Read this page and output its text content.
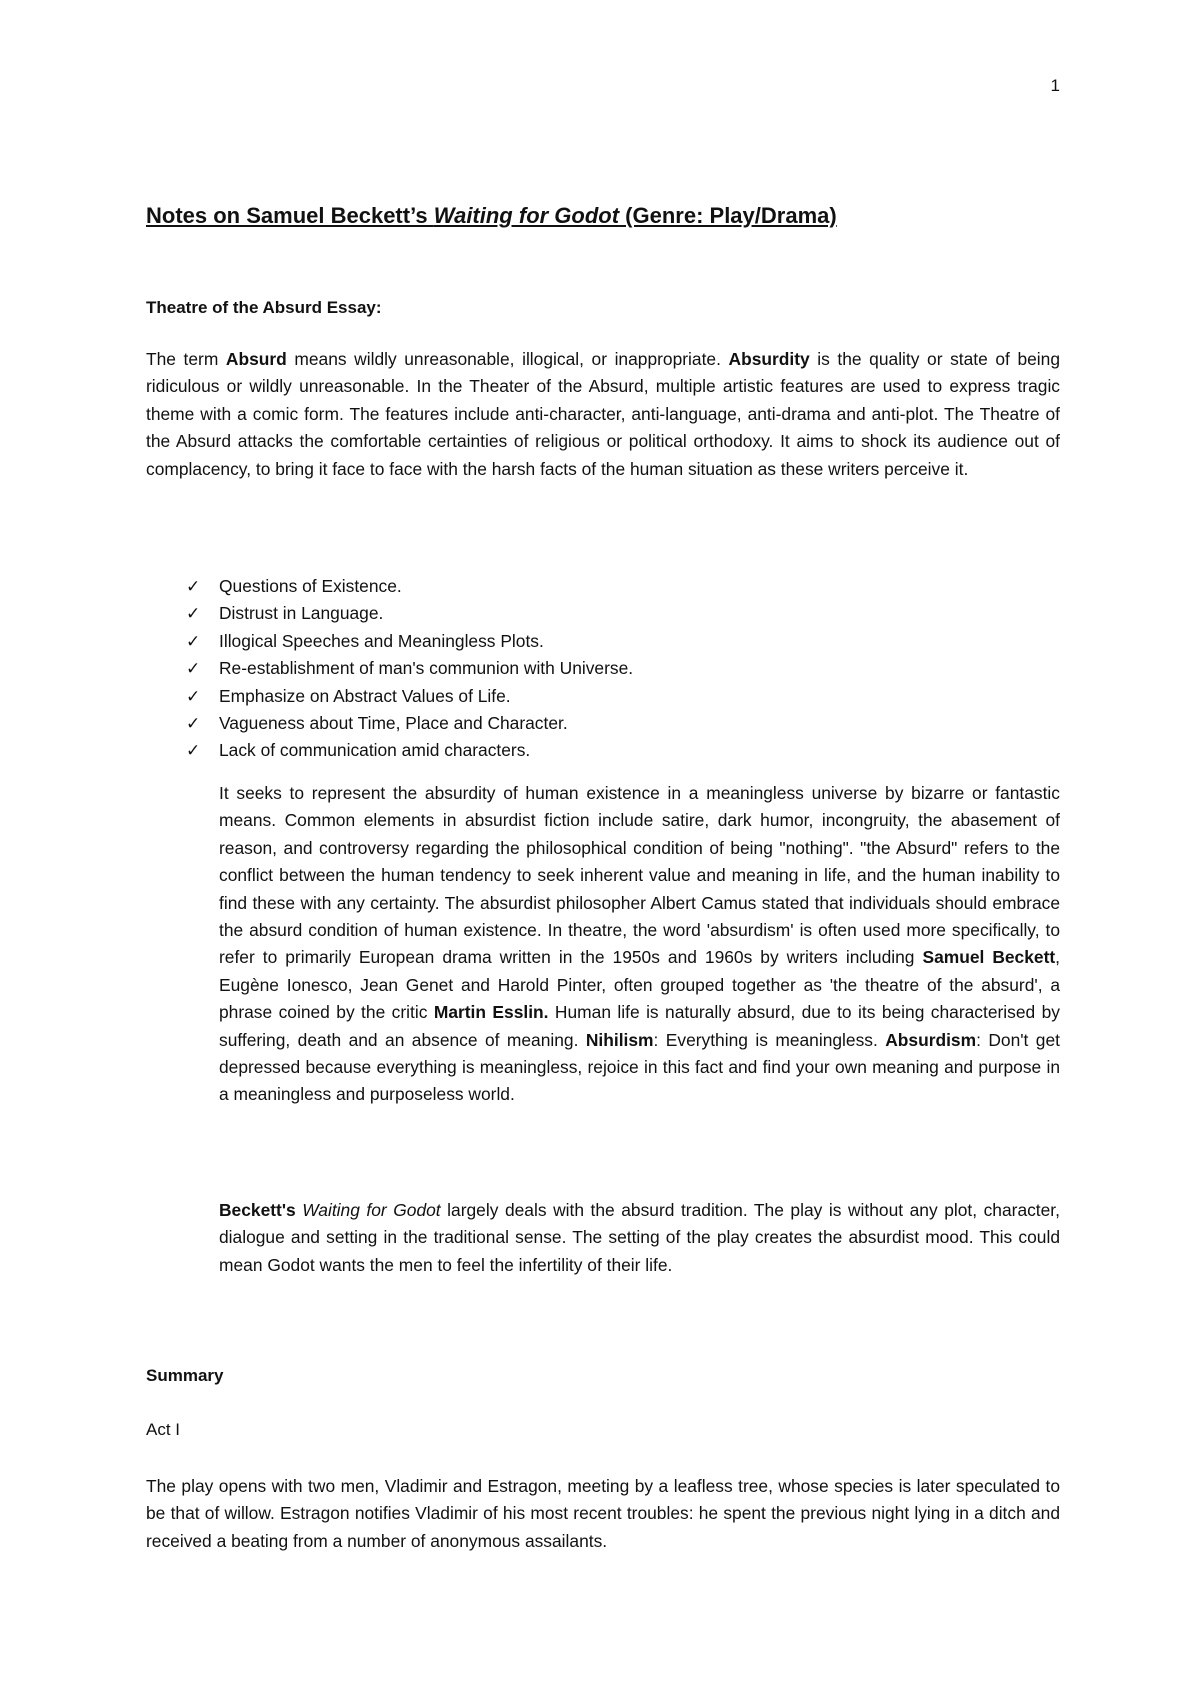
1
Notes on Samuel Beckett’s Waiting for Godot (Genre: Play/Drama)
Theatre of the Absurd Essay:
The term Absurd means wildly unreasonable, illogical, or inappropriate. Absurdity is the quality or state of being ridiculous or wildly unreasonable. In the Theater of the Absurd, multiple artistic features are used to express tragic theme with a comic form. The features include anti-character, anti-language, anti-drama and anti-plot. The Theatre of the Absurd attacks the comfortable certainties of religious or political orthodoxy. It aims to shock its audience out of complacency, to bring it face to face with the harsh facts of the human situation as these writers perceive it.
✓ Questions of Existence.
✓ Distrust in Language.
✓ Illogical Speeches and Meaningless Plots.
✓ Re-establishment of man's communion with Universe.
✓ Emphasize on Abstract Values of Life.
✓ Vagueness about Time, Place and Character.
✓ Lack of communication amid characters.
It seeks to represent the absurdity of human existence in a meaningless universe by bizarre or fantastic means. Common elements in absurdist fiction include satire, dark humor, incongruity, the abasement of reason, and controversy regarding the philosophical condition of being "nothing". "the Absurd" refers to the conflict between the human tendency to seek inherent value and meaning in life, and the human inability to find these with any certainty. The absurdist philosopher Albert Camus stated that individuals should embrace the absurd condition of human existence. In theatre, the word 'absurdism' is often used more specifically, to refer to primarily European drama written in the 1950s and 1960s by writers including Samuel Beckett, Eugène Ionesco, Jean Genet and Harold Pinter, often grouped together as 'the theatre of the absurd', a phrase coined by the critic Martin Esslin. Human life is naturally absurd, due to its being characterised by suffering, death and an absence of meaning. Nihilism: Everything is meaningless. Absurdism: Don't get depressed because everything is meaningless, rejoice in this fact and find your own meaning and purpose in a meaningless and purposeless world.
Beckett's Waiting for Godot largely deals with the absurd tradition. The play is without any plot, character, dialogue and setting in the traditional sense. The setting of the play creates the absurdist mood. This could mean Godot wants the men to feel the infertility of their life.
Summary
Act I
The play opens with two men, Vladimir and Estragon, meeting by a leafless tree, whose species is later speculated to be that of willow. Estragon notifies Vladimir of his most recent troubles: he spent the previous night lying in a ditch and received a beating from a number of anonymous assailants.
